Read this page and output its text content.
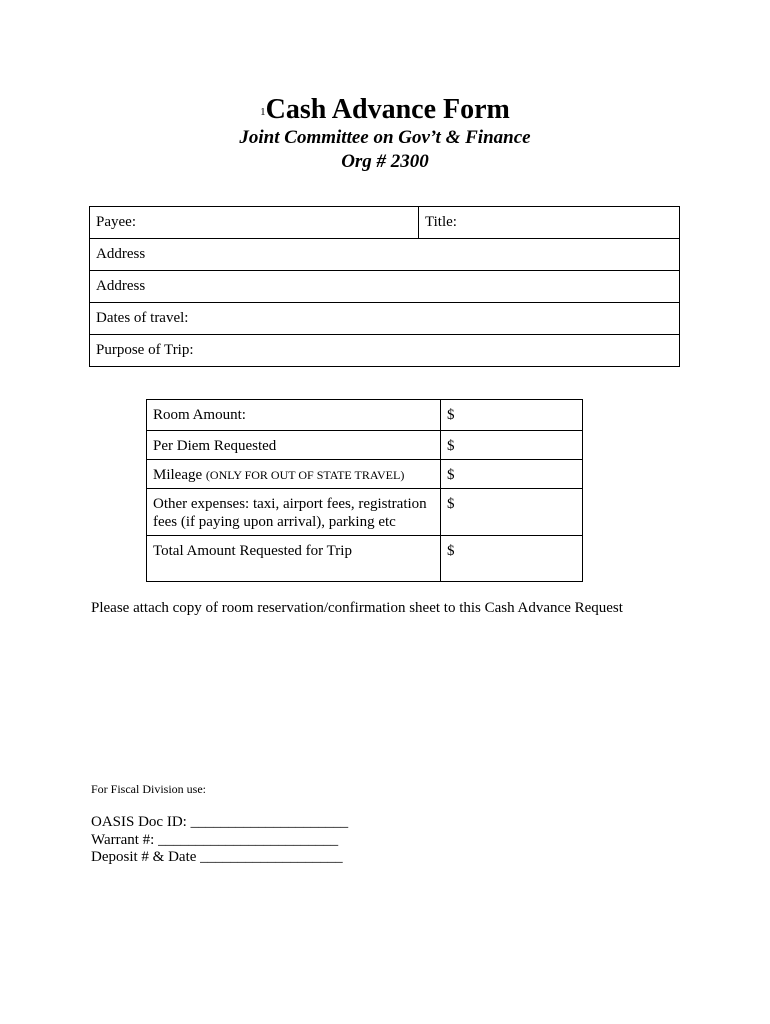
1Cash Advance Form
Joint Committee on Gov’t & Finance
Org # 2300
Payee:	Title:
Address
Address
Dates of travel:
Purpose of Trip:
Room Amount:	$
Per Diem Requested	$
Mileage (ONLY FOR OUT OF STATE TRAVEL)	$
Other expenses: taxi, airport fees, registration fees (if paying upon arrival), parking etc	$
Total Amount Requested for Trip	$
Please attach copy of room reservation/confirmation sheet to this Cash Advance Request
For Fiscal Division use:
OASIS Doc ID: _____________________
Warrant #: ________________________
Deposit # & Date ___________________
